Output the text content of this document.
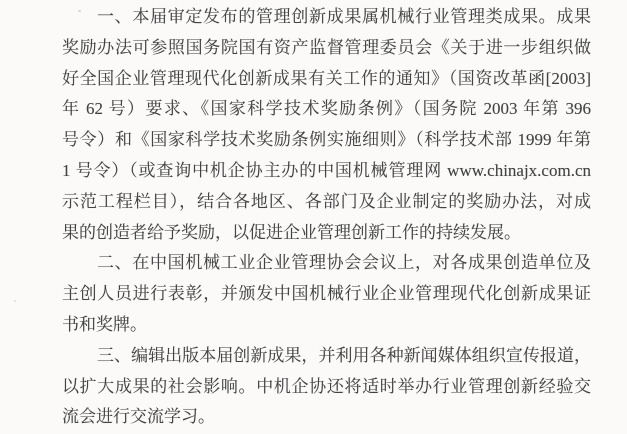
一、本届审定发布的管理创新成果属机械行业管理类成果。成果
奖励办法可参照国务院国有资产监督管理委员会《关于进一步组织做
好全国企业管理现代化创新成果有关工作的通知》（国资改革函[2003]
年 62 号）要求、《国家科学技术奖励条例》（国务院 2003 年第 396
号令）和《国家科学技术奖励条例实施细则》（科学技术部 1999 年第
1 号令）（或查询中机企协主办的中国机械管理网 www.chinajx.com.cn
示范工程栏目），结合各地区、各部门及企业制定的奖励办法，对成
果的创造者给予奖励，以促进企业管理创新工作的持续发展。
二、在中国机械工业企业管理协会会议上，对各成果创造单位及
主创人员进行表彰，并颁发中国机械行业企业管理现代化创新成果证
书和奖牌。
三、编辑出版本届创新成果，并利用各种新闻媒体组织宣传报道，
以扩大成果的社会影响。中机企协还将适时举办行业管理创新经验交
流会进行交流学习。
